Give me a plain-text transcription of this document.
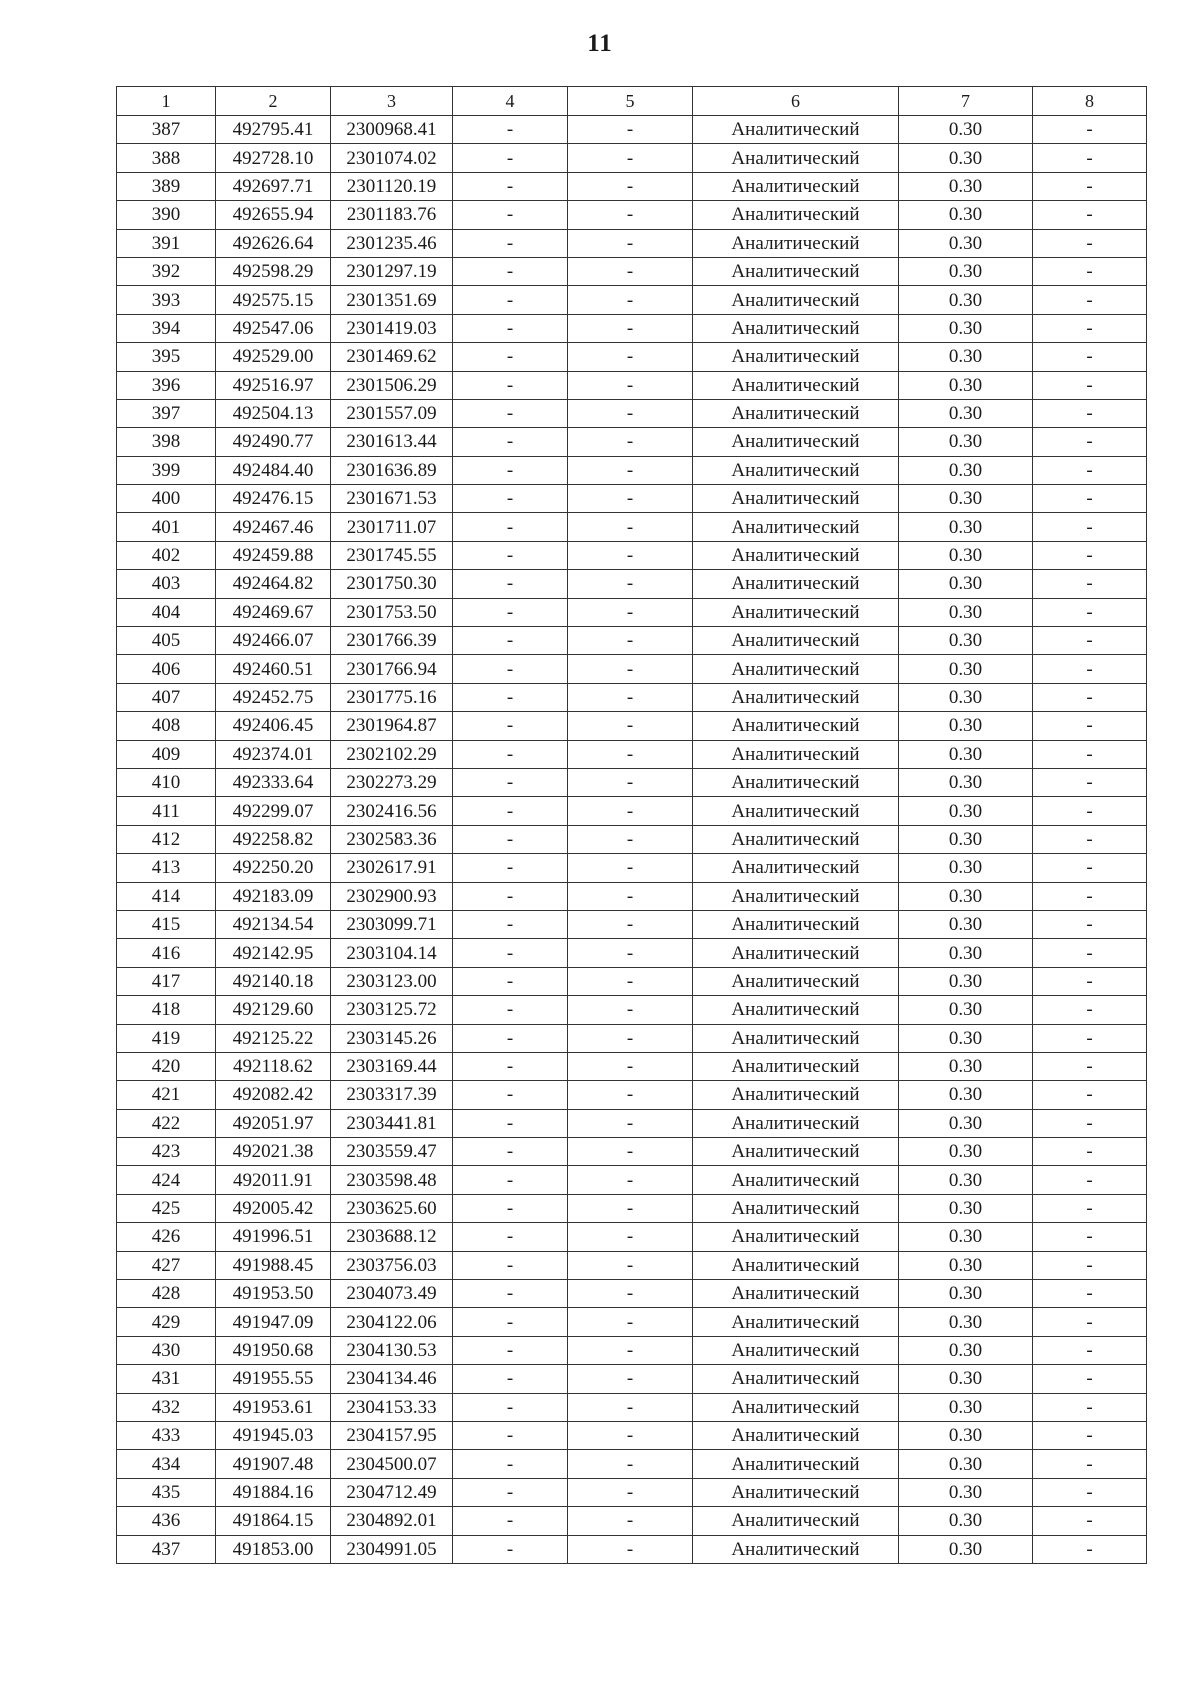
11
1	2	3	4	5	6	7	8
387	492795.41	2300968.41	-	-	Аналитический	0.30	-
388	492728.10	2301074.02	-	-	Аналитический	0.30	-
389	492697.71	2301120.19	-	-	Аналитический	0.30	-
390	492655.94	2301183.76	-	-	Аналитический	0.30	-
391	492626.64	2301235.46	-	-	Аналитический	0.30	-
392	492598.29	2301297.19	-	-	Аналитический	0.30	-
393	492575.15	2301351.69	-	-	Аналитический	0.30	-
394	492547.06	2301419.03	-	-	Аналитический	0.30	-
395	492529.00	2301469.62	-	-	Аналитический	0.30	-
396	492516.97	2301506.29	-	-	Аналитический	0.30	-
397	492504.13	2301557.09	-	-	Аналитический	0.30	-
398	492490.77	2301613.44	-	-	Аналитический	0.30	-
399	492484.40	2301636.89	-	-	Аналитический	0.30	-
400	492476.15	2301671.53	-	-	Аналитический	0.30	-
401	492467.46	2301711.07	-	-	Аналитический	0.30	-
402	492459.88	2301745.55	-	-	Аналитический	0.30	-
403	492464.82	2301750.30	-	-	Аналитический	0.30	-
404	492469.67	2301753.50	-	-	Аналитический	0.30	-
405	492466.07	2301766.39	-	-	Аналитический	0.30	-
406	492460.51	2301766.94	-	-	Аналитический	0.30	-
407	492452.75	2301775.16	-	-	Аналитический	0.30	-
408	492406.45	2301964.87	-	-	Аналитический	0.30	-
409	492374.01	2302102.29	-	-	Аналитический	0.30	-
410	492333.64	2302273.29	-	-	Аналитический	0.30	-
411	492299.07	2302416.56	-	-	Аналитический	0.30	-
412	492258.82	2302583.36	-	-	Аналитический	0.30	-
413	492250.20	2302617.91	-	-	Аналитический	0.30	-
414	492183.09	2302900.93	-	-	Аналитический	0.30	-
415	492134.54	2303099.71	-	-	Аналитический	0.30	-
416	492142.95	2303104.14	-	-	Аналитический	0.30	-
417	492140.18	2303123.00	-	-	Аналитический	0.30	-
418	492129.60	2303125.72	-	-	Аналитический	0.30	-
419	492125.22	2303145.26	-	-	Аналитический	0.30	-
420	492118.62	2303169.44	-	-	Аналитический	0.30	-
421	492082.42	2303317.39	-	-	Аналитический	0.30	-
422	492051.97	2303441.81	-	-	Аналитический	0.30	-
423	492021.38	2303559.47	-	-	Аналитический	0.30	-
424	492011.91	2303598.48	-	-	Аналитический	0.30	-
425	492005.42	2303625.60	-	-	Аналитический	0.30	-
426	491996.51	2303688.12	-	-	Аналитический	0.30	-
427	491988.45	2303756.03	-	-	Аналитический	0.30	-
428	491953.50	2304073.49	-	-	Аналитический	0.30	-
429	491947.09	2304122.06	-	-	Аналитический	0.30	-
430	491950.68	2304130.53	-	-	Аналитический	0.30	-
431	491955.55	2304134.46	-	-	Аналитический	0.30	-
432	491953.61	2304153.33	-	-	Аналитический	0.30	-
433	491945.03	2304157.95	-	-	Аналитический	0.30	-
434	491907.48	2304500.07	-	-	Аналитический	0.30	-
435	491884.16	2304712.49	-	-	Аналитический	0.30	-
436	491864.15	2304892.01	-	-	Аналитический	0.30	-
437	491853.00	2304991.05	-	-	Аналитический	0.30	-
